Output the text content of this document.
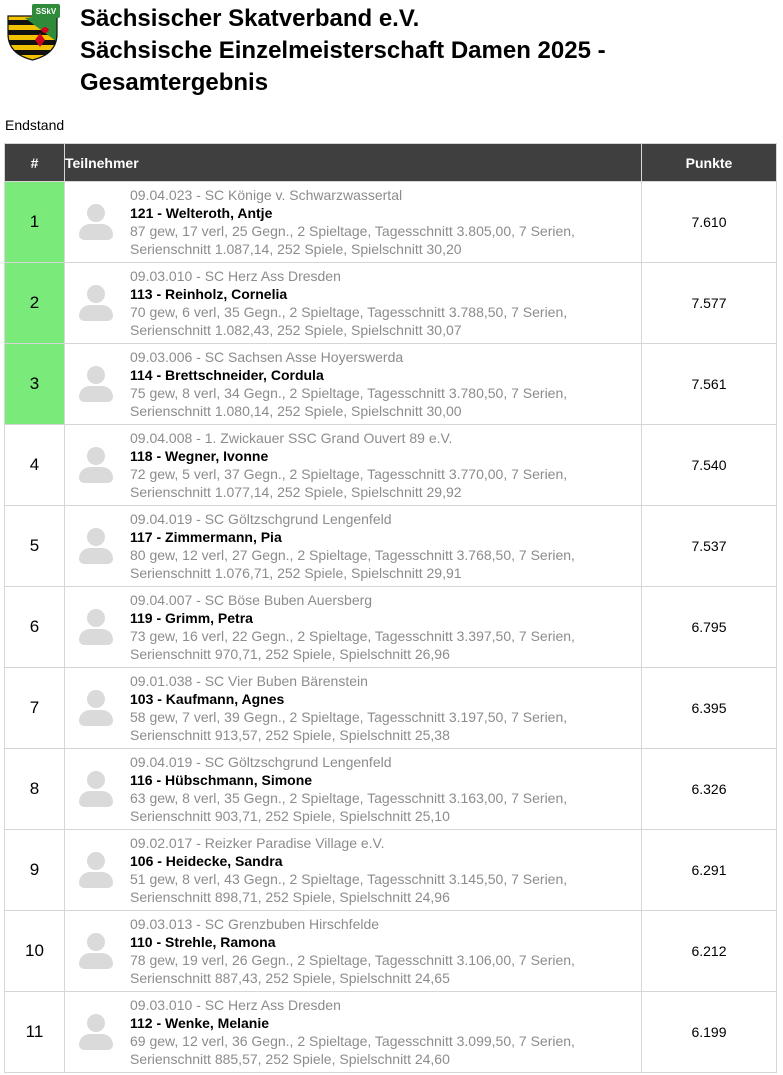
SSkV Sächsischer Skatverband e.V.
Sächsische Einzelmeisterschaft Damen 2025 -
Gesamtergebnis
Endstand
#	Teilnehmer	Punkte
1	09.04.023 - SC Könige v. Schwarzwassertal
121 - Welteroth, Antje
87 gew, 17 verl, 25 Gegn., 2 Spieltage, Tagesschnitt 3.805,00, 7 Serien, Serienschnitt 1.087,14, 252 Spiele, Spielschnitt 30,20	7.610
2	09.03.010 - SC Herz Ass Dresden
113 - Reinholz, Cornelia
70 gew, 6 verl, 35 Gegn., 2 Spieltage, Tagesschnitt 3.788,50, 7 Serien, Serienschnitt 1.082,43, 252 Spiele, Spielschnitt 30,07	7.577
3	09.03.006 - SC Sachsen Asse Hoyerswerda
114 - Brettschneider, Cordula
75 gew, 8 verl, 34 Gegn., 2 Spieltage, Tagesschnitt 3.780,50, 7 Serien, Serienschnitt 1.080,14, 252 Spiele, Spielschnitt 30,00	7.561
4	09.04.008 - 1. Zwickauer SSC Grand Ouvert 89 e.V.
118 - Wegner, Ivonne
72 gew, 5 verl, 37 Gegn., 2 Spieltage, Tagesschnitt 3.770,00, 7 Serien, Serienschnitt 1.077,14, 252 Spiele, Spielschnitt 29,92	7.540
5	09.04.019 - SC Göltzschgrund Lengenfeld
117 - Zimmermann, Pia
80 gew, 12 verl, 27 Gegn., 2 Spieltage, Tagesschnitt 3.768,50, 7 Serien, Serienschnitt 1.076,71, 252 Spiele, Spielschnitt 29,91	7.537
6	09.04.007 - SC Böse Buben Auersberg
119 - Grimm, Petra
73 gew, 16 verl, 22 Gegn., 2 Spieltage, Tagesschnitt 3.397,50, 7 Serien, Serienschnitt 970,71, 252 Spiele, Spielschnitt 26,96	6.795
7	09.01.038 - SC Vier Buben Bärenstein
103 - Kaufmann, Agnes
58 gew, 7 verl, 39 Gegn., 2 Spieltage, Tagesschnitt 3.197,50, 7 Serien, Serienschnitt 913,57, 252 Spiele, Spielschnitt 25,38	6.395
8	09.04.019 - SC Göltzschgrund Lengenfeld
116 - Hübschmann, Simone
63 gew, 8 verl, 35 Gegn., 2 Spieltage, Tagesschnitt 3.163,00, 7 Serien, Serienschnitt 903,71, 252 Spiele, Spielschnitt 25,10	6.326
9	09.02.017 - Reizker Paradise Village e.V.
106 - Heidecke, Sandra
51 gew, 8 verl, 43 Gegn., 2 Spieltage, Tagesschnitt 3.145,50, 7 Serien, Serienschnitt 898,71, 252 Spiele, Spielschnitt 24,96	6.291
10	09.03.013 - SC Grenzbuben Hirschfelde
110 - Strehle, Ramona
78 gew, 19 verl, 26 Gegn., 2 Spieltage, Tagesschnitt 3.106,00, 7 Serien, Serienschnitt 887,43, 252 Spiele, Spielschnitt 24,65	6.212
11	09.03.010 - SC Herz Ass Dresden
112 - Wenke, Melanie
69 gew, 12 verl, 36 Gegn., 2 Spieltage, Tagesschnitt 3.099,50, 7 Serien, Serienschnitt 885,57, 252 Spiele, Spielschnitt 24,60	6.199
